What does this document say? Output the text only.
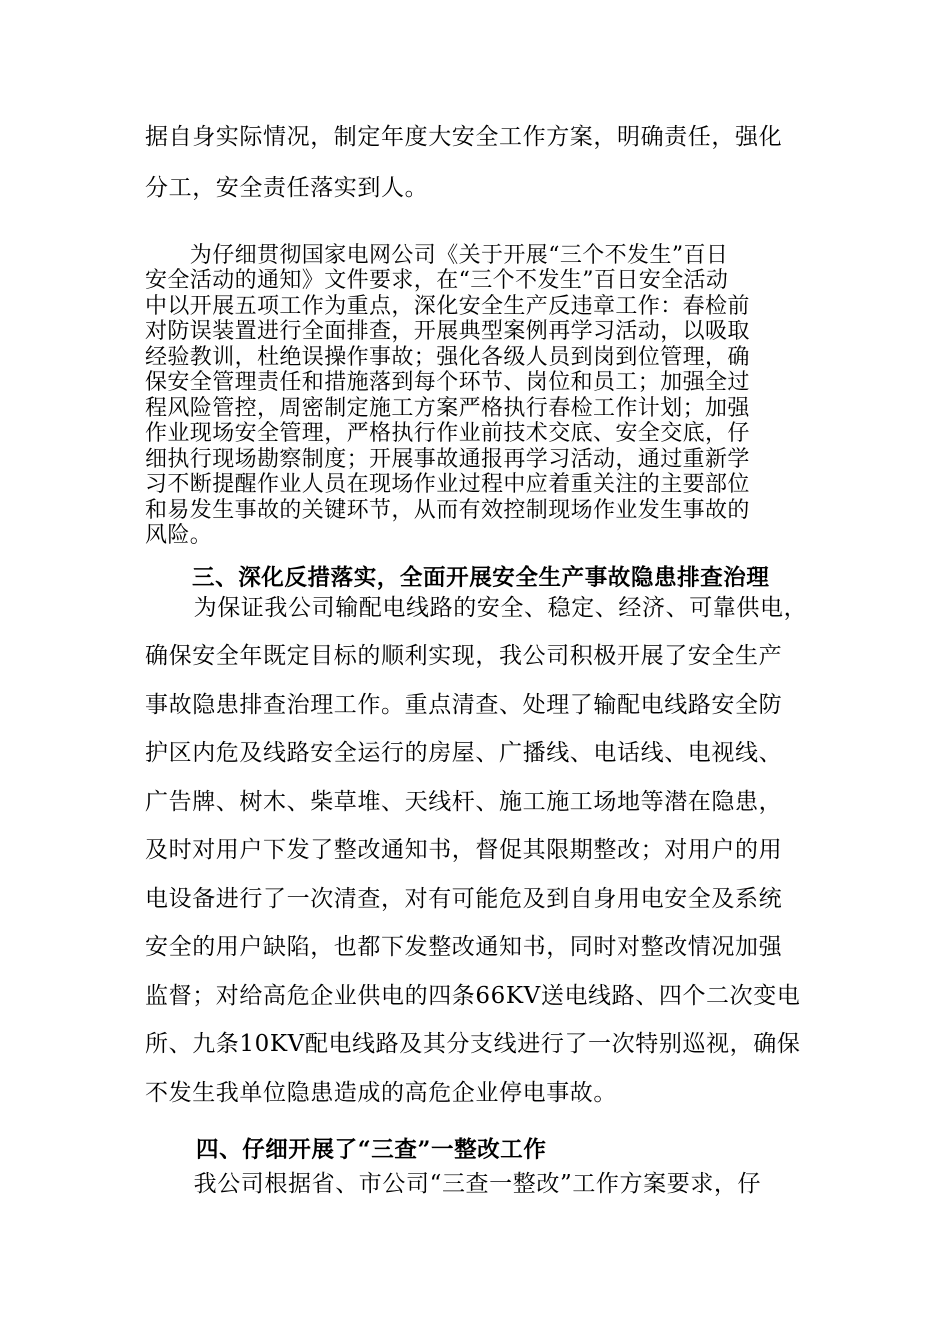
据自身实际情况，制定年度大安全工作方案，明确责任，强化
分工，安全责任落实到人。
　　为仔细贯彻国家电网公司《关于开展“三个不发生”百日
安全活动的通知》文件要求，在“三个不发生”百日安全活动
中以开展五项工作为重点，深化安全生产反违章工作：春检前
对防误装置进行全面排查，开展典型案例再学习活动，以吸取
经验教训，杜绝误操作事故；强化各级人员到岗到位管理，确
保安全管理责任和措施落到每个环节、岗位和员工；加强全过
程风险管控，周密制定施工方案严格执行春检工作计划；加强
作业现场安全管理，严格执行作业前技术交底、安全交底，仔
细执行现场勘察制度；开展事故通报再学习活动，通过重新学
习不断提醒作业人员在现场作业过程中应着重关注的主要部位
和易发生事故的关键环节，从而有效控制现场作业发生事故的
风险。
三、深化反措落实，全面开展安全生产事故隐患排查治理
　为保证我公司输配电线路的安全、稳定、经济、可靠供电，
确保安全年既定目标的顺利实现，我公司积极开展了安全生产
事故隐患排查治理工作。重点清查、处理了输配电线路安全防
护区内危及线路安全运行的房屋、广播线、电话线、电视线、
广告牌、树木、柴草堆、天线杆、施工施工场地等潜在隐患，
及时对用户下发了整改通知书，督促其限期整改；对用户的用
电设备进行了一次清查，对有可能危及到自身用电安全及系统
安全的用户缺陷，也都下发整改通知书，同时对整改情况加强
监督；对给高危企业供电的四条66KV送电线路、四个二次变电
所、九条10KV配电线路及其分支线进行了一次特别巡视，确保
不发生我单位隐患造成的高危企业停电事故。
四、仔细开展了“三查”一整改工作
　我公司根据省、市公司“三查一整改”工作方案要求，仔
